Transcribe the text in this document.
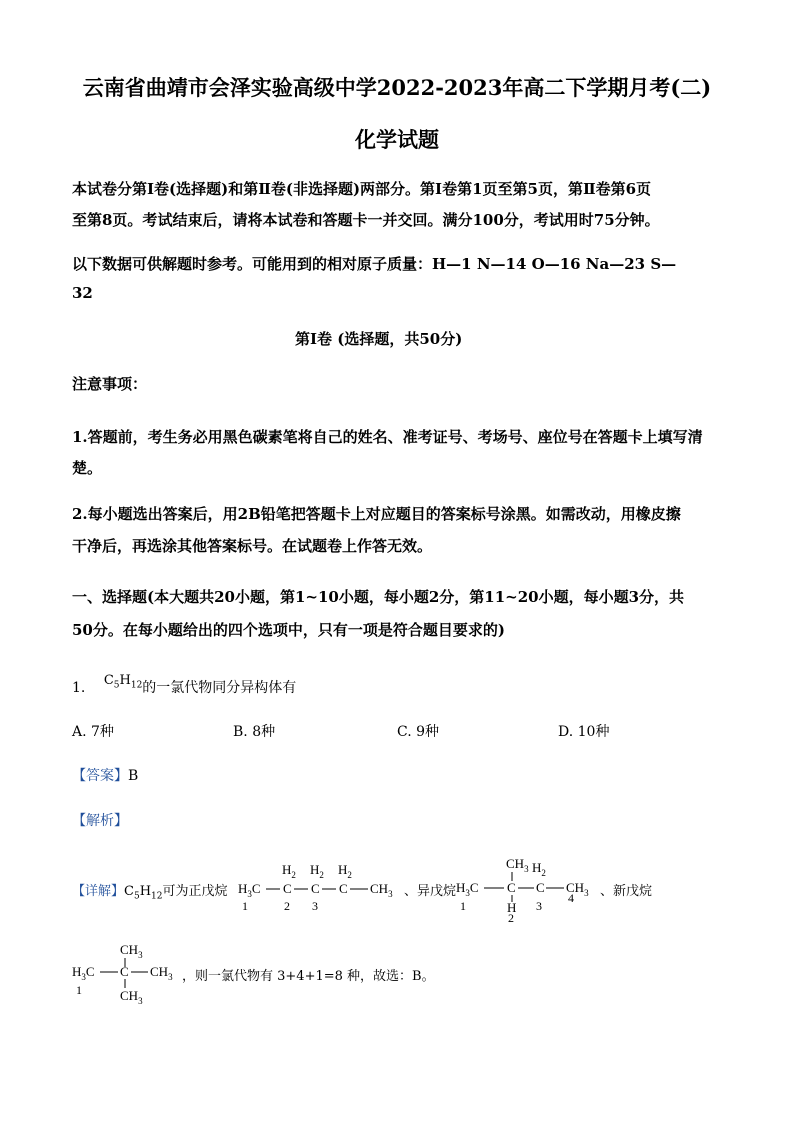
云南省曲靖市会泽实验高级中学2022-2023年高二下学期月考(二)
化学试题
本试卷分第Ⅰ卷(选择题)和第Ⅱ卷(非选择题)两部分。第Ⅰ卷第1页至第5页，第Ⅱ卷第6页
至第8页。考试结束后，请将本试卷和答题卡一并交回。满分100分，考试用时75分钟。
以下数据可供解题时参考。可能用到的相对原子质量：H—1 N—14 O—16 Na—23 S—
32
第Ⅰ卷 (选择题，共50分)
注意事项：
1.答题前，考生务必用黑色碳素笔将自己的姓名、准考证号、考场号、座位号在答题卡上填写清
楚。
2.每小题选出答案后，用2B铅笔把答题卡上对应题目的答案标号涂黑。如需改动，用橡皮擦
干净后，再选涂其他答案标号。在试题卷上作答无效。
一、选择题(本大题共20小题，第1~10小题，每小题2分，第11~20小题，每小题3分，共
50分。在每小题给出的四个选项中，只有一项是符合题目要求的)
1. $C_5H_{12}$的一氯代物同分异构体有
A. 7种	B. 8种	C. 9种	D. 10种
【答案】B
【解析】
【详解】$C_5H_{12}$可为正戊烷 $H_3C$
$H_2$
C
$H_2$
C
$H_2$
C $CH_3$
1	2 3
、异戊烷
$CH_3$ $H_2$
$H_3C$ C
H
C $CH_3$
1
2
3
4 、新戊烷
$CH_3$
$H_3C$ C $CH_3$
$CH_3$
1
，则一氯代物有 3+4+1=8 种，故选：B。
